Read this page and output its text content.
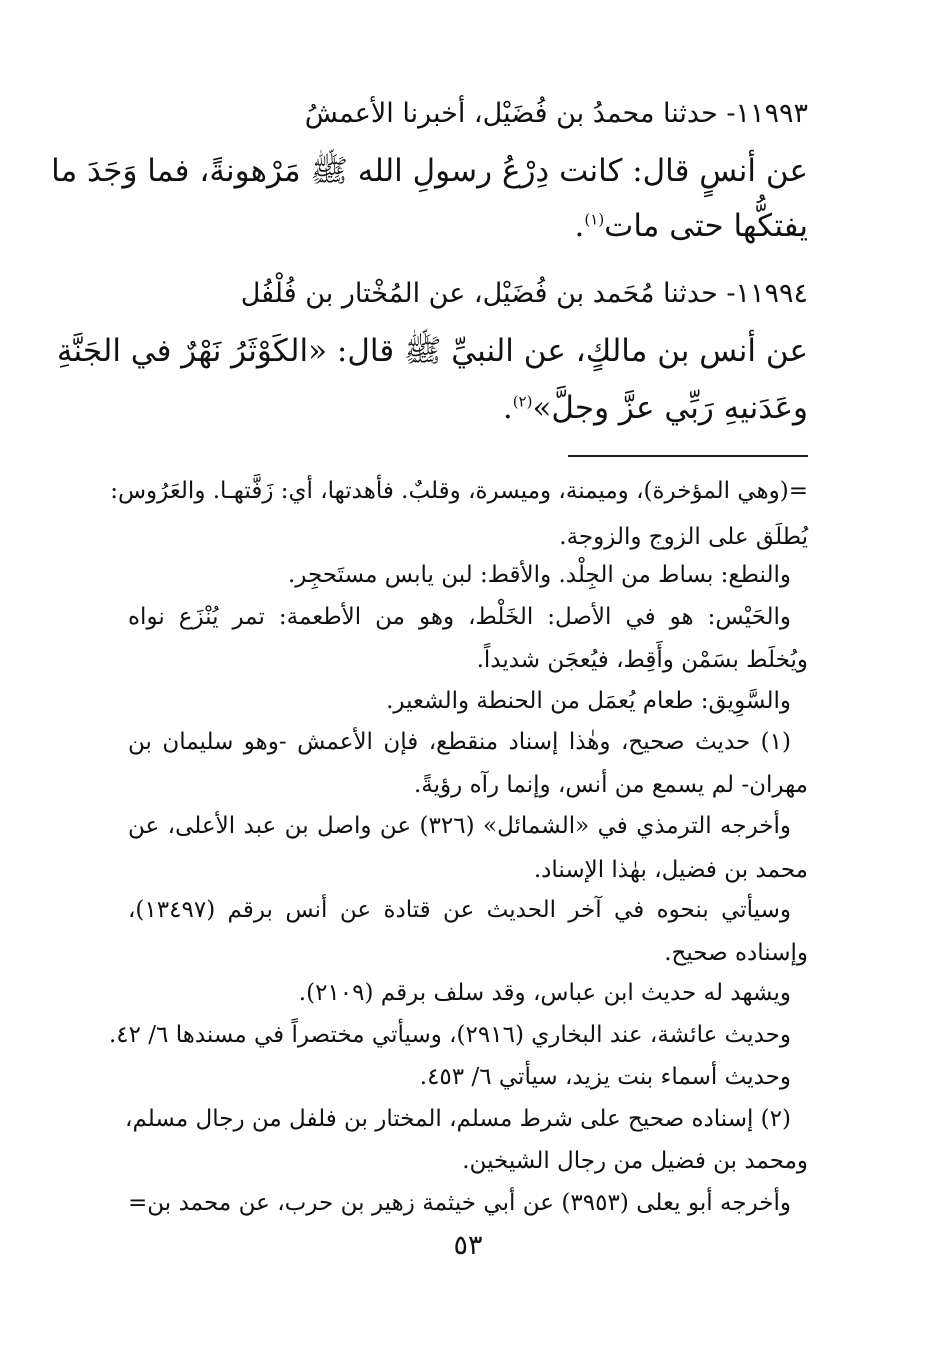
١١٩٩٣- حدثنا محمدُ بن فُضَيْل، أخبرنا الأعمشُ
عن أنسٍ قال: كانت دِرْعُ رسولِ الله ﷺ مَرْهونةً، فما وَجَدَ ما
يفتكُّها حتى مات$^{(١)}$.
١١٩٩٤- حدثنا مُحَمد بن فُضَيْل، عن المُخْتار بن فُلْفُل
عن أنس بن مالكٍ، عن النبيِّ ﷺ قال: «الكَوْثَرُ نَهْرٌ في الجَنَّةِ
وعَدَنيهِ رَبِّي عزَّ وجلَّ»$^{(٢)}$.
=(وهي المؤخرة)، وميمنة، وميسرة، وقلبٌ. فأهدتها، أي: زَفَّتهـا. والعَرُوس:
يُطلَق على الزوج والزوجة.
والنطع: بساط من الجِلْد. والأقط: لبن يابس مستَحجِر.
والحَيْس: هو في الأصل: الخَلْط، وهو من الأطعمة: تمر يُنْزَع نواه
ويُخلَط بسَمْن وأَقِط، فيُعجَن شديداً.
والسَّوِيق: طعام يُعمَل من الحنطة والشعير.
(١) حديث صحيح، وهٰذا إسناد منقطع، فإن الأعمش -وهو سليمان بن
مهران- لم يسمع من أنس، وإنما رآه رؤيةً.
وأخرجه الترمذي في «الشمائل» (٣٢٦) عن واصل بن عبد الأعلى، عن
محمد بن فضيل، بهٰذا الإسناد.
وسيأتي بنحوه في آخر الحديث عن قتادة عن أنس برقم (١٣٤٩٧)،
وإسناده صحيح.
ويشهد له حديث ابن عباس، وقد سلف برقم (٢١٠٩).
وحديث عائشة، عند البخاري (٢٩١٦)، وسيأتي مختصراً في مسندها ٦/ ٤٢.
وحديث أسماء بنت يزيد، سيأتي ٦/ ٤٥٣.
(٢) إسناده صحيح على شرط مسلم، المختار بن فلفل من رجال مسلم،
ومحمد بن فضيل من رجال الشيخين.
وأخرجه أبو يعلى (٣٩٥٣) عن أبي خيثمة زهير بن حرب، عن محمد بن=
٥٣
